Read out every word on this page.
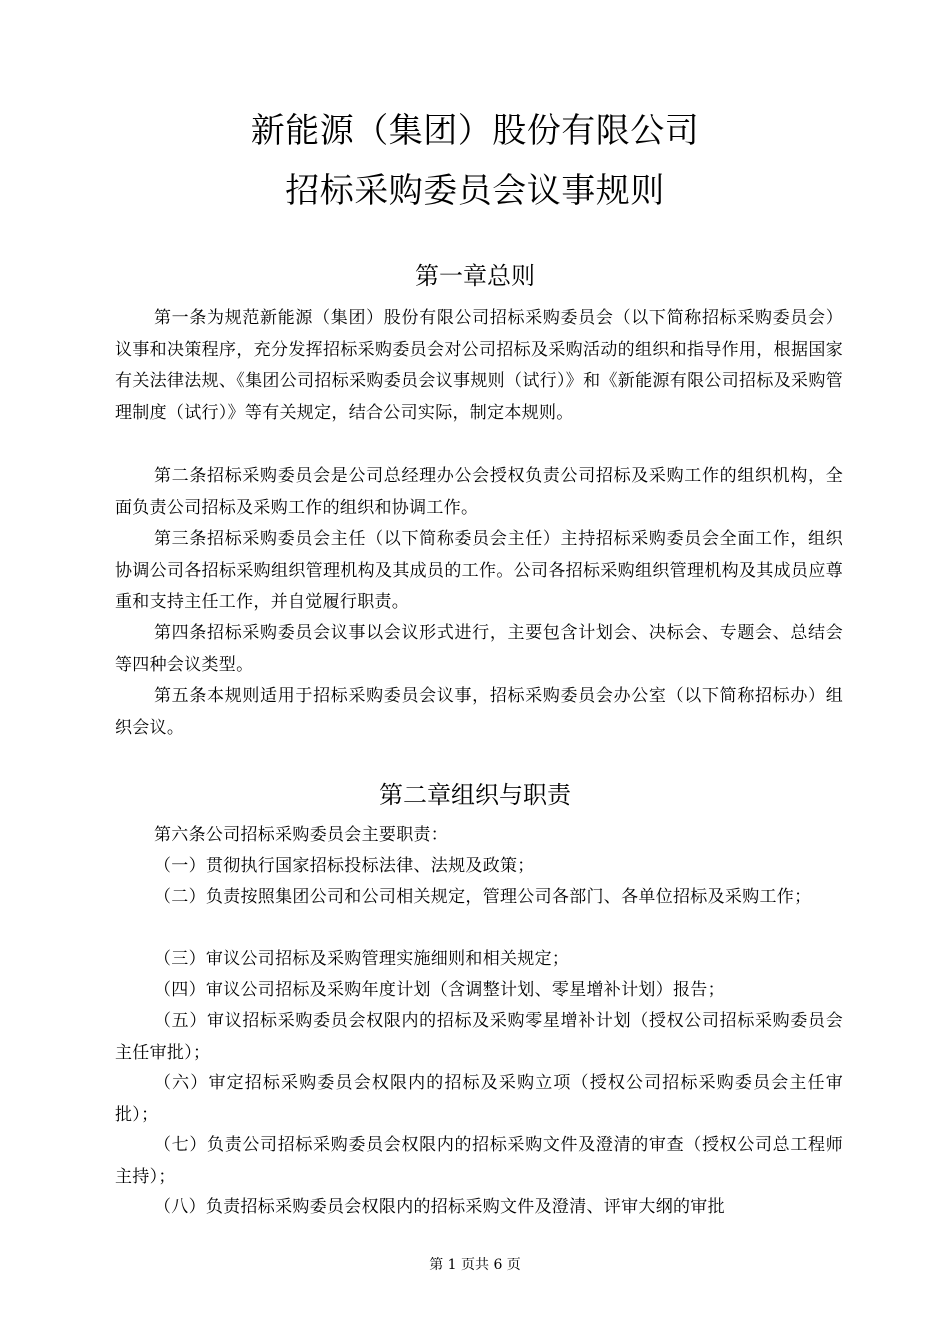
新能源（集团）股份有限公司
招标采购委员会议事规则
第一章总则
第一条为规范新能源（集团）股份有限公司招标采购委员会（以下简称招标采购委员会）议事和决策程序，充分发挥招标采购委员会对公司招标及采购活动的组织和指导作用，根据国家有关法律法规、《集团公司招标采购委员会议事规则（试行）》和《新能源有限公司招标及采购管理制度（试行）》等有关规定，结合公司实际，制定本规则。
第二条招标采购委员会是公司总经理办公会授权负责公司招标及采购工作的组织机构，全面负责公司招标及采购工作的组织和协调工作。
第三条招标采购委员会主任（以下简称委员会主任）主持招标采购委员会全面工作，组织协调公司各招标采购组织管理机构及其成员的工作。公司各招标采购组织管理机构及其成员应尊重和支持主任工作，并自觉履行职责。
第四条招标采购委员会议事以会议形式进行，主要包含计划会、决标会、专题会、总结会等四种会议类型。
第五条本规则适用于招标采购委员会议事，招标采购委员会办公室（以下简称招标办）组织会议。
第二章组织与职责
第六条公司招标采购委员会主要职责：
（一）贯彻执行国家招标投标法律、法规及政策；
（二）负责按照集团公司和公司相关规定，管理公司各部门、各单位招标及采购工作；
（三）审议公司招标及采购管理实施细则和相关规定；
（四）审议公司招标及采购年度计划（含调整计划、零星增补计划）报告；
（五）审议招标采购委员会权限内的招标及采购零星增补计划（授权公司招标采购委员会主任审批）；
（六）审定招标采购委员会权限内的招标及采购立项（授权公司招标采购委员会主任审批）；
（七）负责公司招标采购委员会权限内的招标采购文件及澄清的审查（授权公司总工程师主持）；
（八）负责招标采购委员会权限内的招标采购文件及澄清、评审大纲的审批
第 1 页共 6 页
